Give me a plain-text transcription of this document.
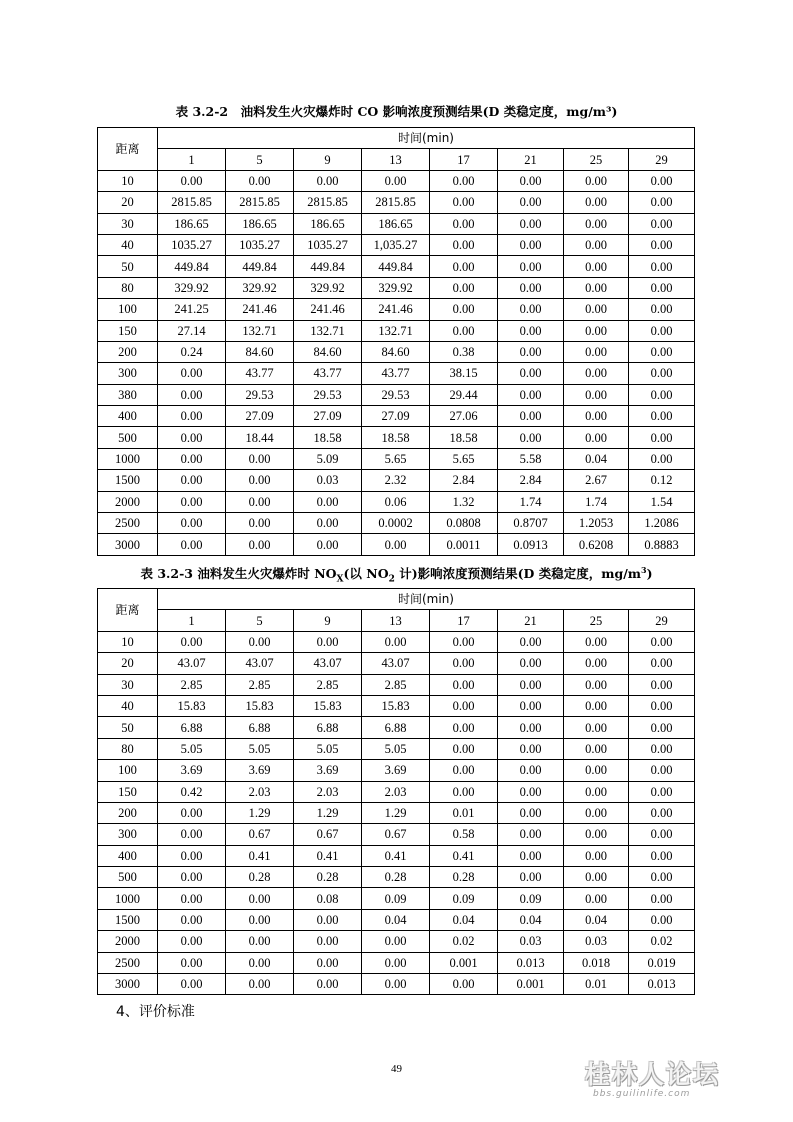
表 3.2-2　油料发生火灾爆炸时 CO 影响浓度预测结果(D 类稳定度，mg/m³)
距离	时间(min)							
	1	5	9	13	17	21	25	29
10	0.00	0.00	0.00	0.00	0.00	0.00	0.00	0.00
20	2815.85	2815.85	2815.85	2815.85	0.00	0.00	0.00	0.00
30	186.65	186.65	186.65	186.65	0.00	0.00	0.00	0.00
40	1035.27	1035.27	1035.27	1,035.27	0.00	0.00	0.00	0.00
50	449.84	449.84	449.84	449.84	0.00	0.00	0.00	0.00
80	329.92	329.92	329.92	329.92	0.00	0.00	0.00	0.00
100	241.25	241.46	241.46	241.46	0.00	0.00	0.00	0.00
150	27.14	132.71	132.71	132.71	0.00	0.00	0.00	0.00
200	0.24	84.60	84.60	84.60	0.38	0.00	0.00	0.00
300	0.00	43.77	43.77	43.77	38.15	0.00	0.00	0.00
380	0.00	29.53	29.53	29.53	29.44	0.00	0.00	0.00
400	0.00	27.09	27.09	27.09	27.06	0.00	0.00	0.00
500	0.00	18.44	18.58	18.58	18.58	0.00	0.00	0.00
1000	0.00	0.00	5.09	5.65	5.65	5.58	0.04	0.00
1500	0.00	0.00	0.03	2.32	2.84	2.84	2.67	0.12
2000	0.00	0.00	0.00	0.06	1.32	1.74	1.74	1.54
2500	0.00	0.00	0.00	0.0002	0.0808	0.8707	1.2053	1.2086
3000	0.00	0.00	0.00	0.00	0.0011	0.0913	0.6208	0.8883
表 3.2-3 油料发生火灾爆炸时 $NO_X$(以 $NO_2$ 计)影响浓度预测结果(D 类稳定度，$mg/m^3$)
距离	时间(min)							
	1	5	9	13	17	21	25	29
10	0.00	0.00	0.00	0.00	0.00	0.00	0.00	0.00
20	43.07	43.07	43.07	43.07	0.00	0.00	0.00	0.00
30	2.85	2.85	2.85	2.85	0.00	0.00	0.00	0.00
40	15.83	15.83	15.83	15.83	0.00	0.00	0.00	0.00
50	6.88	6.88	6.88	6.88	0.00	0.00	0.00	0.00
80	5.05	5.05	5.05	5.05	0.00	0.00	0.00	0.00
100	3.69	3.69	3.69	3.69	0.00	0.00	0.00	0.00
150	0.42	2.03	2.03	2.03	0.00	0.00	0.00	0.00
200	0.00	1.29	1.29	1.29	0.01	0.00	0.00	0.00
300	0.00	0.67	0.67	0.67	0.58	0.00	0.00	0.00
400	0.00	0.41	0.41	0.41	0.41	0.00	0.00	0.00
500	0.00	0.28	0.28	0.28	0.28	0.00	0.00	0.00
1000	0.00	0.00	0.08	0.09	0.09	0.09	0.00	0.00
1500	0.00	0.00	0.00	0.04	0.04	0.04	0.04	0.00
2000	0.00	0.00	0.00	0.00	0.02	0.03	0.03	0.02
2500	0.00	0.00	0.00	0.00	0.001	0.013	0.018	0.019
3000	0.00	0.00	0.00	0.00	0.00	0.001	0.01	0.013
4、评价标准
49	桂林人论坛
bbs.guilinlife.com
